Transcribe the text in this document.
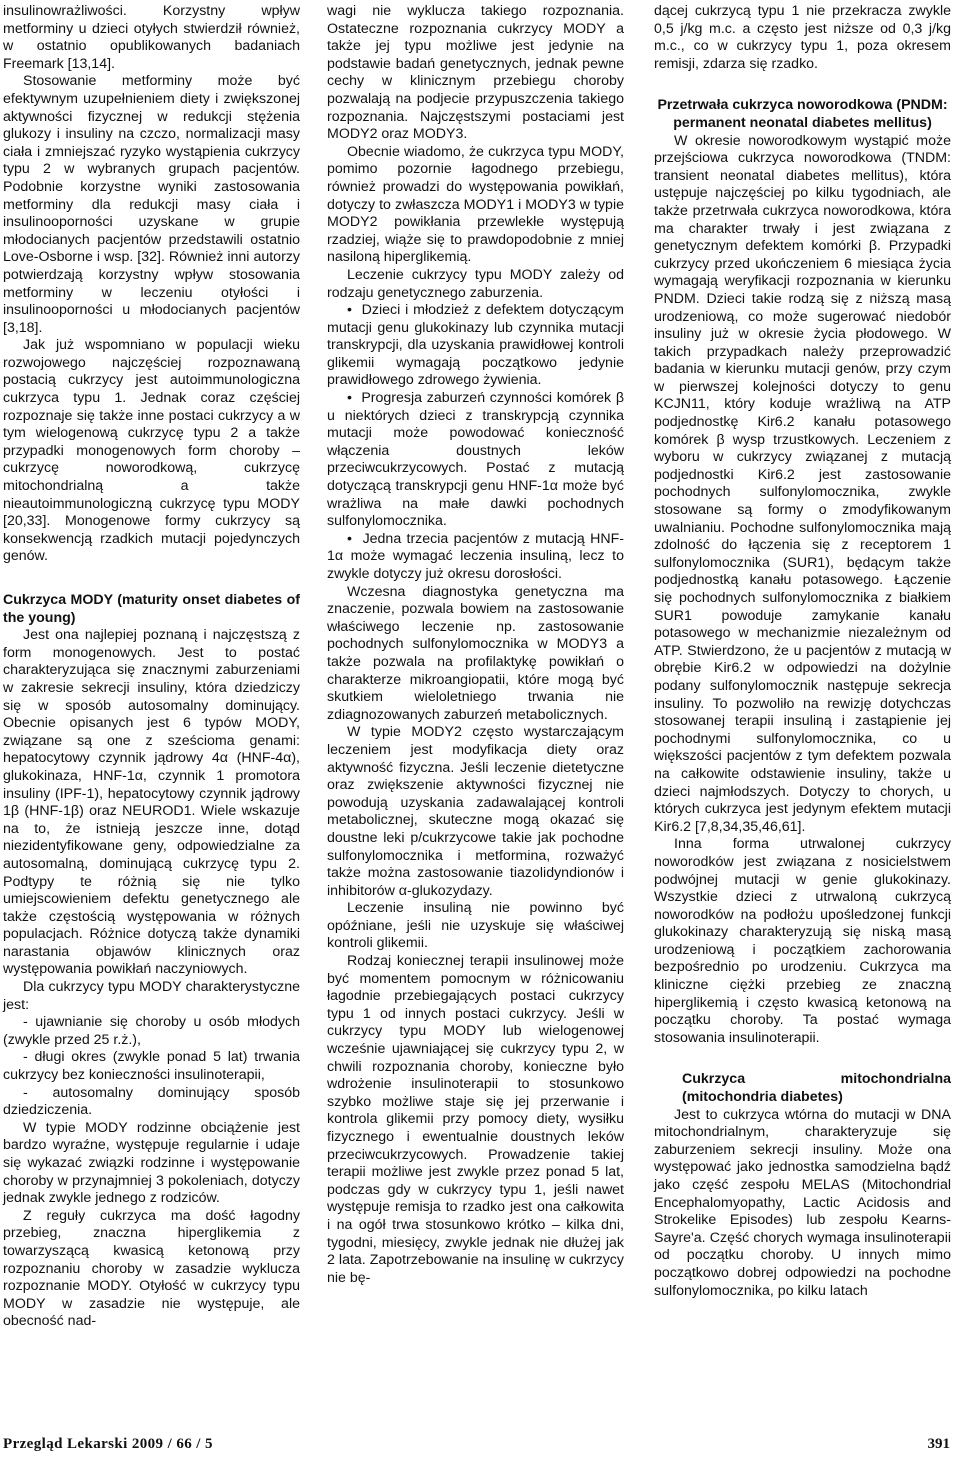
insulinowrażliwości. Korzystny wpływ metforminy u dzieci otyłych stwierdził również, w ostatnio opublikowanych badaniach Freemark [13,14].

Stosowanie metforminy może być efektywnym uzupełnieniem diety i zwiększonej aktywności fizycznej w redukcji stężenia glukozy i insuliny na czczo, normalizacji masy ciała i zmniejszać ryzyko wystąpienia cukrzycy typu 2 w wybranych grupach pacjentów. Podobnie korzystne wyniki zastosowania metforminy dla redukcji masy ciała i insulinooporności uzyskane w grupie młodocianych pacjentów przedstawili ostatnio Love-Osborne i wsp. [32]. Również inni autorzy potwierdzają korzystny wpływ stosowania metforminy w leczeniu otyłości i insulinooporności u młodocianych pacjentów [3,18].

Jak już wspomniano w populacji wieku rozwojowego najczęściej rozpoznawaną postacią cukrzycy jest autoimmunologiczna cukrzyca typu 1. Jednak coraz częściej rozpoznaje się także inne postaci cukrzycy a w tym wielogenową cukrzycę typu 2 a także przypadki monogenowych form choroby – cukrzycę noworodkową, cukrzycę mitochondrialną a także nieautoimmunologiczną cukrzycę typu MODY [20,33]. Monogenowe formy cukrzycy są konsekwencją rzadkich mutacji pojedynczych genów.

Cukrzyca MODY (maturity onset diabetes of the young)

Jest ona najlepiej poznaną i najczęstszą z form monogenowych. Jest to postać charakteryzująca się znacznymi zaburzeniami w zakresie sekrecji insuliny, która dziedziczy się w sposób autosomalny dominujący. Obecnie opisanych jest 6 typów MODY, związane są one z sześcioma genami: hepatocytowy czynnik jądrowy 4α (HNF-4α), glukokinaza, HNF-1α, czynnik 1 promotora insuliny (IPF-1), hepatocytowy czynnik jądrowy 1β (HNF-1β) oraz NEUROD1. Wiele wskazuje na to, że istnieją jeszcze inne, dotąd niezidentyfikowane geny, odpowiedzialne za autosomalną, dominującą cukrzycę typu 2. Podtypy te różnią się nie tylko umiejscowieniem defektu genetycznego ale także częstością występowania w różnych populacjach. Różnice dotyczą także dynamiki narastania objawów klinicznych oraz występowania powikłań naczyniowych.

Dla cukrzycy typu MODY charakterystyczne jest:

- ujawnianie się choroby u osób młodych (zwykle przed 25 r.ż.),

- długi okres (zwykle ponad 5 lat) trwania cukrzycy bez konieczności insulinoterapii,

- autosomalny dominujący sposób dziedziczenia.

W typie MODY rodzinne obciążenie jest bardzo wyraźne, występuje regularnie i udaje się wykazać związki rodzinne i występowanie choroby w przynajmniej 3 pokoleniach, dotyczy jednak zwykle jednego z rodziców.

Z reguły cukrzyca ma dość łagodny przebieg, znaczna hiperglikemia z towarzyszącą kwasicą ketonową przy rozpoznaniu choroby w zasadzie wyklucza rozpoznanie MODY. Otyłość w cukrzycy typu MODY w zasadzie nie występuje, ale obecność nad-

wagi nie wyklucza takiego rozpoznania. Ostateczne rozpoznania cukrzycy MODY a także jej typu możliwe jest jedynie na podstawie badań genetycznych, jednak pewne cechy w klinicznym przebiegu choroby pozwalają na podjecie przypuszczenia takiego rozpoznania. Najczęstszymi postaciami jest MODY2 oraz MODY3.

Obecnie wiadomo, że cukrzyca typu MODY, pomimo pozornie łagodnego przebiegu, również prowadzi do występowania powikłań, dotyczy to zwłaszcza MODY1 i MODY3 w typie MODY2 powikłania przewlekłe występują rzadziej, wiąże się to prawdopodobnie z mniej nasiloną hiperglikemią.

Leczenie cukrzycy typu MODY zależy od rodzaju genetycznego zaburzenia.

•  Dzieci i młodzież z defektem dotyczącym mutacji genu glukokinazy lub czynnika mutacji transkrypcji, dla uzyskania prawidłowej kontroli glikemii wymagają początkowo jedynie prawidłowego zdrowego żywienia.

•  Progresja zaburzeń czynności komórek β u niektórych dzieci z transkrypcją czynnika mutacji może powodować konieczność włączenia doustnych leków przeciwcukrzycowych. Postać z mutacją dotyczącą transkrypcji genu HNF-1α może być wrażliwa na małe dawki pochodnych sulfonylomocznika.

•  Jedna trzecia pacjentów z mutacją HNF-1α może wymagać leczenia insuliną, lecz to zwykle dotyczy już okresu dorosłości.

Wczesna diagnostyka genetyczna ma znaczenie, pozwala bowiem na zastosowanie właściwego leczenie np. zastosowanie pochodnych sulfonylomocznika w MODY3 a także pozwala na profilaktykę powikłań o charakterze mikroangiopatii, które mogą być skutkiem wieloletniego trwania nie zdiagnozowanych zaburzeń metabolicznych.

W typie MODY2 często wystarczającym leczeniem jest modyfikacja diety oraz aktywność fizyczna. Jeśli leczenie dietetyczne oraz zwiększenie aktywności fizycznej nie powodują uzyskania zadawalającej kontroli metabolicznej, skuteczne mogą okazać się doustne leki p/cukrzycowe takie jak pochodne sulfonylomocznika i metformina, rozważyć także można zastosowanie tiazolidyndionów i inhibitorów α-glukozydazy.

Leczenie insuliną nie powinno być opóźniane, jeśli nie uzyskuje się właściwej kontroli glikemii.

Rodzaj koniecznej terapii insulinowej może być momentem pomocnym w różnicowaniu łagodnie przebiegających postaci cukrzycy typu 1 od innych postaci cukrzycy. Jeśli w cukrzycy typu MODY lub wielogenowej wcześnie ujawniającej się cukrzycy typu 2, w chwili rozpoznania choroby, konieczne było wdrożenie insulinoterapii to stosunkowo szybko możliwe staje się jej przerwanie i kontrola glikemii przy pomocy diety, wysiłku fizycznego i ewentualnie doustnych leków przeciwcukrzycowych. Prowadzenie takiej terapii możliwe jest zwykle przez ponad 5 lat, podczas gdy w cukrzycy typu 1, jeśli nawet występuje remisja to rzadko jest ona całkowita i na ogół trwa stosunkowo krótko – kilka dni, tygodni, miesięcy, zwykle jednak nie dłużej jak 2 lata. Zapotrzebowanie na insulinę w cukrzycy nie bę-

dącej cukrzycą typu 1 nie przekracza zwykle 0,5 j/kg m.c. a często jest niższe od 0,3 j/kg m.c., co w cukrzycy typu 1, poza okresem remisji, zdarza się rzadko.

Przetrwała cukrzyca noworodkowa (PNDM: permanent neonatal diabetes mellitus)

W okresie noworodkowym wystąpić może przejściowa cukrzyca noworodkowa (TNDM: transient neonatal diabetes mellitus), która ustępuje najczęściej po kilku tygodniach, ale także przetrwała cukrzyca noworodkowa, która ma charakter trwały i jest związana z genetycznym defektem komórki β. Przypadki cukrzycy przed ukończeniem 6 miesiąca życia wymagają weryfikacji rozpoznania w kierunku PNDM. Dzieci takie rodzą się z niższą masą urodzeniową, co może sugerować niedobór insuliny już w okresie życia płodowego. W takich przypadkach należy przeprowadzić badania w kierunku mutacji genów, przy czym w pierwszej kolejności dotyczy to genu KCJN11, który koduje wrażliwą na ATP podjednostkę Kir6.2 kanału potasowego komórek β wysp trzustkowych. Leczeniem z wyboru w cukrzycy związanej z mutacją podjednostki Kir6.2 jest zastosowanie pochodnych sulfonylomocznika, zwykle stosowane są formy o zmodyfikowanym uwalnianiu. Pochodne sulfonylomocznika mają zdolność do łączenia się z receptorem 1 sulfonylomocznika (SUR1), będącym także podjednostką kanału potasowego. Łączenie się pochodnych sulfonylomocznika z białkiem SUR1 powoduje zamykanie kanału potasowego w mechanizmie niezależnym od ATP. Stwierdzono, że u pacjentów z mutacją w obrębie Kir6.2 w odpowiedzi na dożylnie podany sulfonylomocznik następuje sekrecja insuliny. To pozwoliło na rewizję dotychczas stosowanej terapii insuliną i zastąpienie jej pochodnymi sulfonylomocznika, co u większości pacjentów z tym defektem pozwala na całkowite odstawienie insuliny, także u dzieci najmłodszych. Dotyczy to chorych, u których cukrzyca jest jedynym efektem mutacji Kir6.2 [7,8,34,35,46,61].

Inna forma utrwalonej cukrzycy noworodków jest związana z nosicielstwem podwójnej mutacji w genie glukokinazy. Wszystkie dzieci z utrwaloną cukrzycą noworodków na podłożu upośledzonej funkcji glukokinazy charakteryzują się niską masą urodzeniową i początkiem zachorowania bezpośrednio po urodzeniu. Cukrzyca ma kliniczne ciężki przebieg ze znaczną hiperglikemią i często kwasicą ketonową na początku choroby. Ta postać wymaga stosowania insulinoterapii.

Cukrzyca mitochondrialna (mitochondria diabetes)

Jest to cukrzyca wtórna do mutacji w DNA mitochondrialnym, charakteryzuje się zaburzeniem sekrecji insuliny. Może ona występować jako jednostka samodzielna bądź jako część zespołu MELAS (Mitochondrial Encephalomyopathy, Lactic Acidosis and Strokelike Episodes) lub zespołu Kearns-Sayre'a. Część chorych wymaga insulinoterapii od początku choroby. U innych mimo początkowo dobrej odpowiedzi na pochodne sulfonylomocznika, po kilku latach

Przegląd Lekarski 2009 / 66 / 5	391
